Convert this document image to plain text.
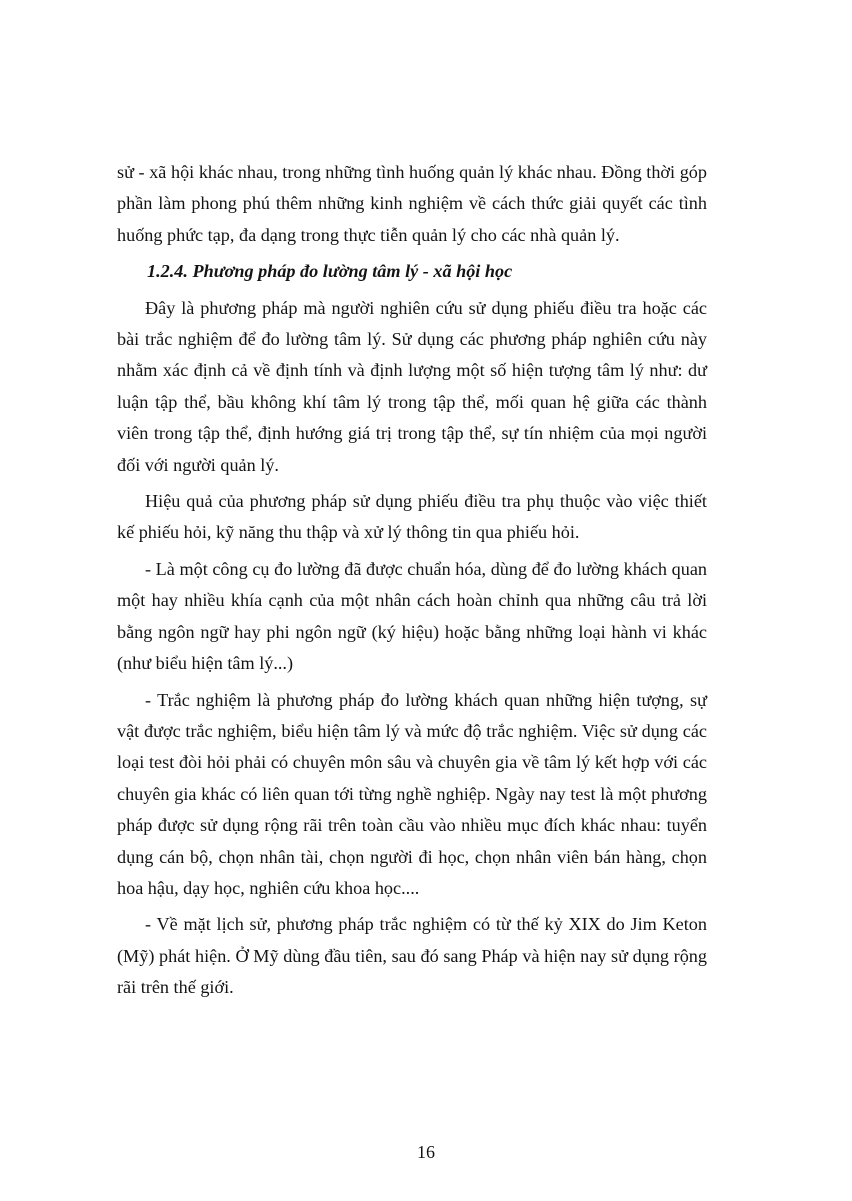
sử - xã hội khác nhau, trong những tình huống quản lý khác nhau. Đồng thời góp phần làm phong phú thêm những kinh nghiệm về cách thức giải quyết các tình huống phức tạp, đa dạng trong thực tiễn quản lý cho các nhà quản lý.

1.2.4. Phương pháp đo lường tâm lý - xã hội học

Đây là phương pháp mà người nghiên cứu sử dụng phiếu điều tra hoặc các bài trắc nghiệm để đo lường tâm lý. Sử dụng các phương pháp nghiên cứu này nhằm xác định cả về định tính và định lượng một số hiện tượng tâm lý như: dư luận tập thể, bầu không khí tâm lý trong tập thể, mối quan hệ giữa các thành viên trong tập thể, định hướng giá trị trong tập thể, sự tín nhiệm của mọi người đối với người quản lý.

Hiệu quả của phương pháp sử dụng phiếu điều tra phụ thuộc vào việc thiết kế phiếu hỏi, kỹ năng thu thập và xử lý thông tin qua phiếu hỏi.

- Là một công cụ đo lường đã được chuẩn hóa, dùng để đo lường khách quan một hay nhiều khía cạnh của một nhân cách hoàn chỉnh qua những câu trả lời bằng ngôn ngữ hay phi ngôn ngữ (ký hiệu) hoặc bằng những loại hành vi khác (như biểu hiện tâm lý...)

- Trắc nghiệm là phương pháp đo lường khách quan những hiện tượng, sự vật được trắc nghiệm, biểu hiện tâm lý và mức độ trắc nghiệm. Việc sử dụng các loại test đòi hỏi phải có chuyên môn sâu và chuyên gia về tâm lý kết hợp với các chuyên gia khác có liên quan tới từng nghề nghiệp. Ngày nay test là một phương pháp được sử dụng rộng rãi trên toàn cầu vào nhiều mục đích khác nhau: tuyển dụng cán bộ, chọn nhân tài, chọn người đi học, chọn nhân viên bán hàng, chọn hoa hậu, dạy học, nghiên cứu khoa học....

- Về mặt lịch sử, phương pháp trắc nghiệm có từ thế kỷ XIX do Jim Keton (Mỹ) phát hiện. Ở Mỹ dùng đầu tiên, sau đó sang Pháp và hiện nay sử dụng rộng rãi trên thế giới.

16
